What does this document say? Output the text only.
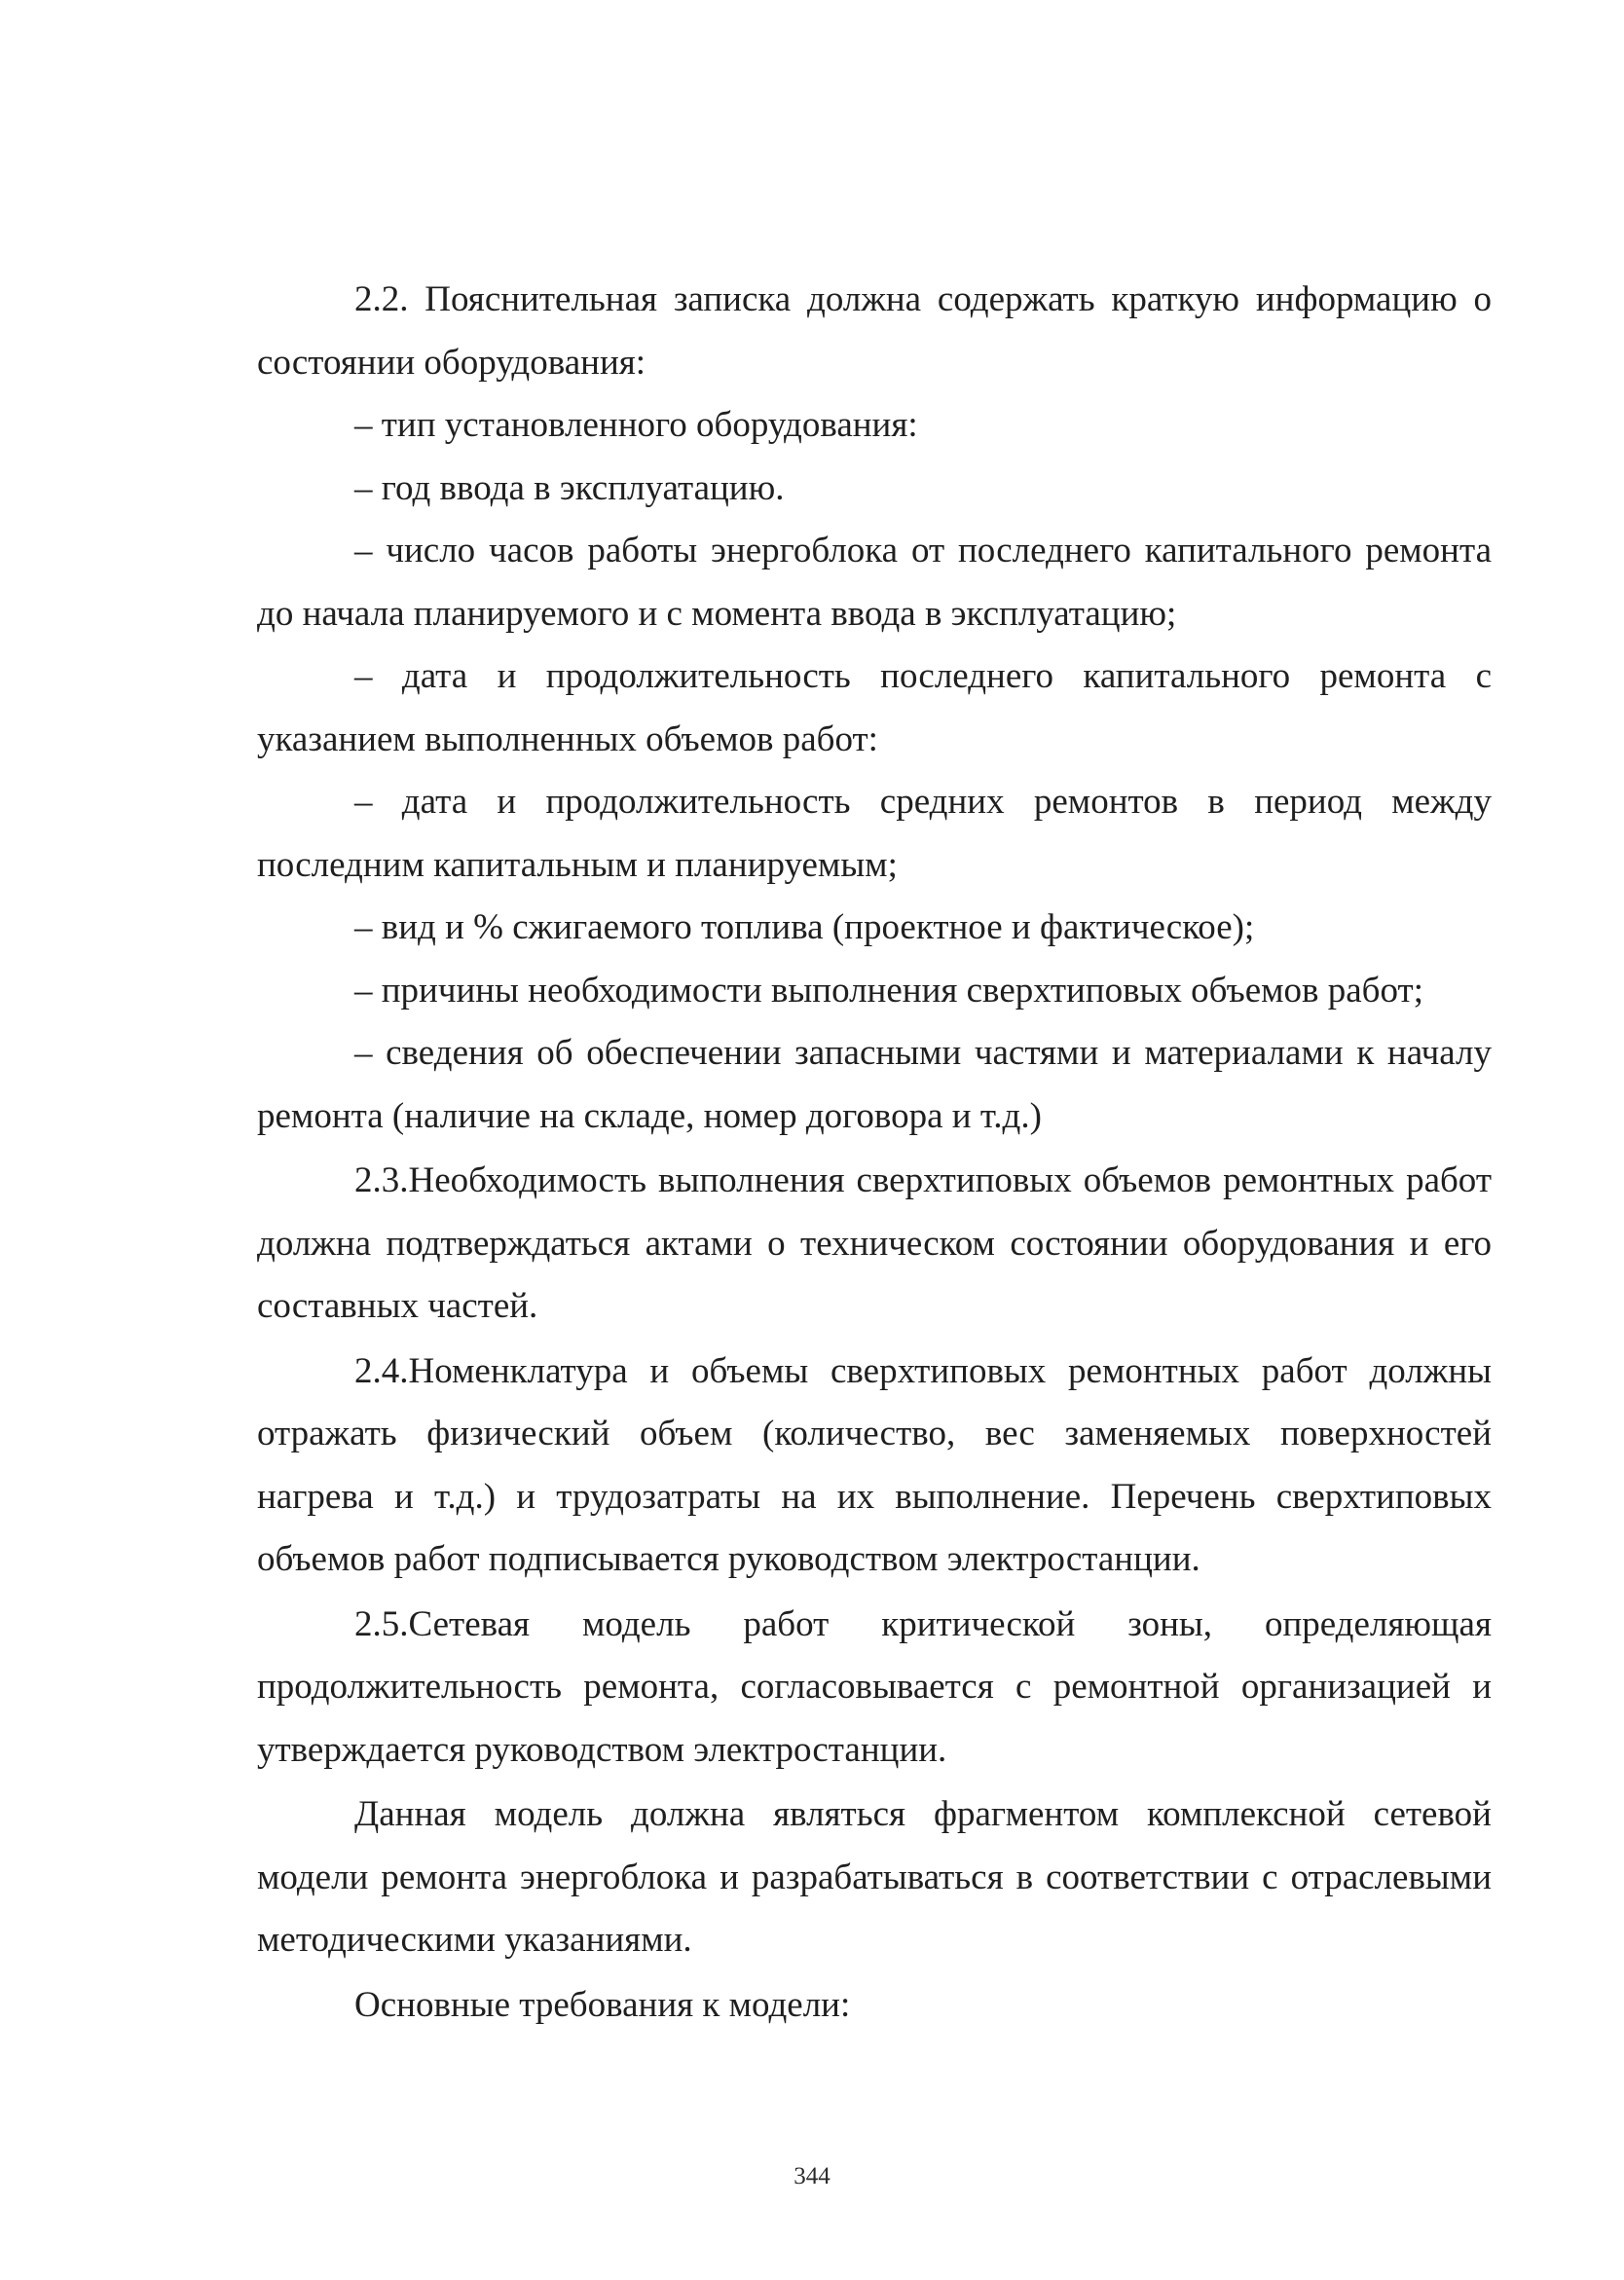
2.2. Пояснительная записка должна содержать краткую информацию о состоянии оборудования:

– тип установленного оборудования:

– год ввода в эксплуатацию.

– число часов работы энергоблока от последнего капитального ремонта до начала планируемого и с момента ввода в эксплуатацию;

– дата и продолжительность последнего капитального ремонта с указанием выполненных объемов работ:

– дата и продолжительность средних ремонтов в период между последним капитальным и планируемым;

– вид и % сжигаемого топлива (проектное и фактическое);

– причины необходимости выполнения сверхтиповых объемов работ;

– сведения об обеспечении запасными частями и материалами к началу ремонта (наличие на складе, номер договора и т.д.)

2.3.Необходимость выполнения сверхтиповых объемов ремонтных работ должна подтверждаться актами о техническом состоянии оборудования и его составных частей.

2.4.Номенклатура и объемы сверхтиповых ремонтных работ должны отражать физический объем (количество, вес заменяемых поверхностей нагрева и т.д.) и трудозатраты на их выполнение. Перечень сверхтиповых объемов работ подписывается руководством электростанции.

2.5.Сетевая модель работ критической зоны, определяющая продолжительность ремонта, согласовывается с ремонтной организацией и утверждается руководством электростанции.

Данная модель должна являться фрагментом комплексной сетевой модели ремонта энергоблока и разрабатываться в соответствии с отраслевыми методическими указаниями.

Основные требования к модели:

344
